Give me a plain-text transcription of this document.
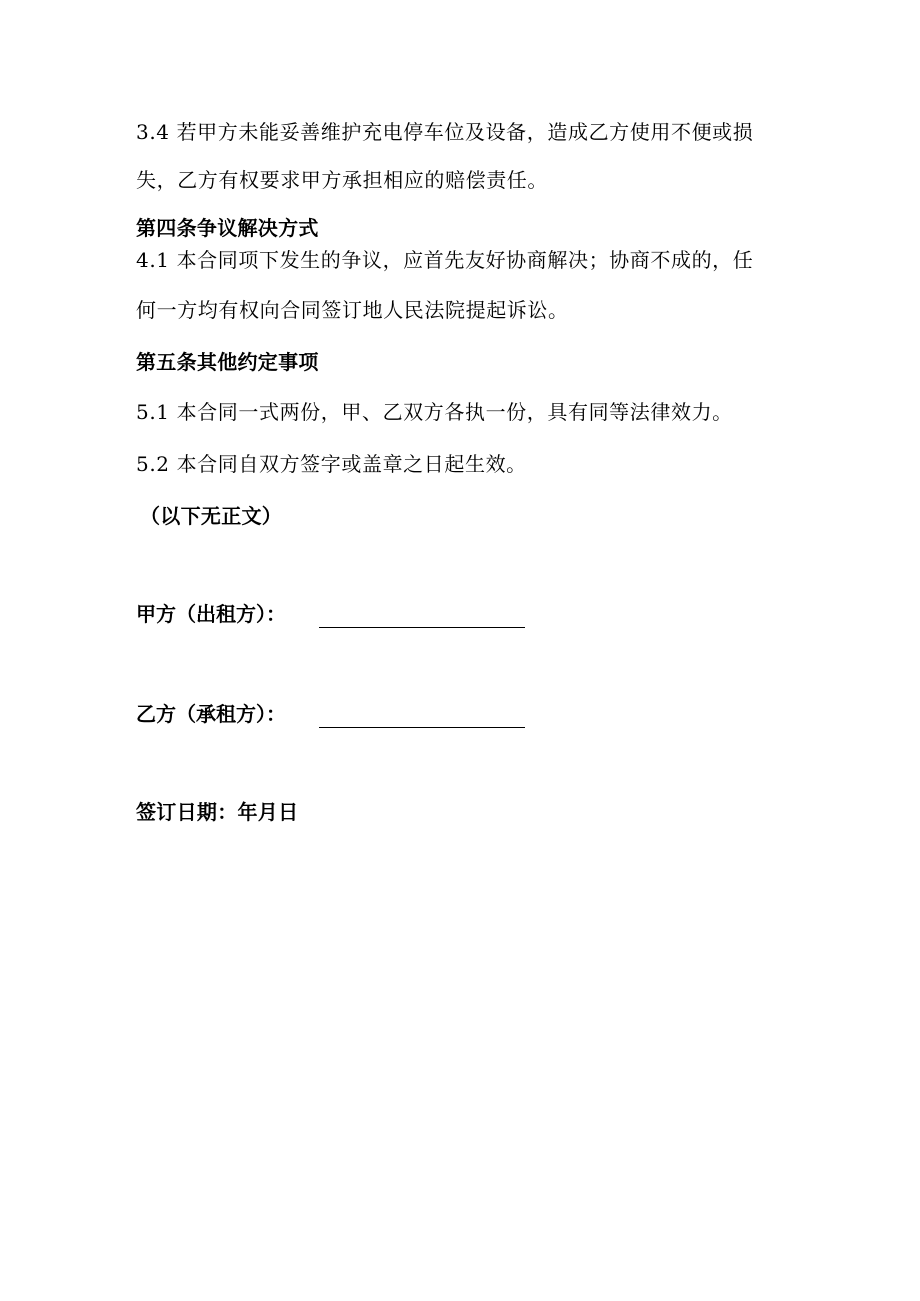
3.4 若甲方未能妥善维护充电停车位及设备，造成乙方使用不便或损
失，乙方有权要求甲方承担相应的赔偿责任。
第四条争议解决方式
4.1 本合同项下发生的争议，应首先友好协商解决；协商不成的，任
何一方均有权向合同签订地人民法院提起诉讼。
第五条其他约定事项
5.1 本合同一式两份，甲、乙双方各执一份，具有同等法律效力。
5.2 本合同自双方签字或盖章之日起生效。
（以下无正文）
甲方（出租方）：
乙方（承租方）：
签订日期：年月日
